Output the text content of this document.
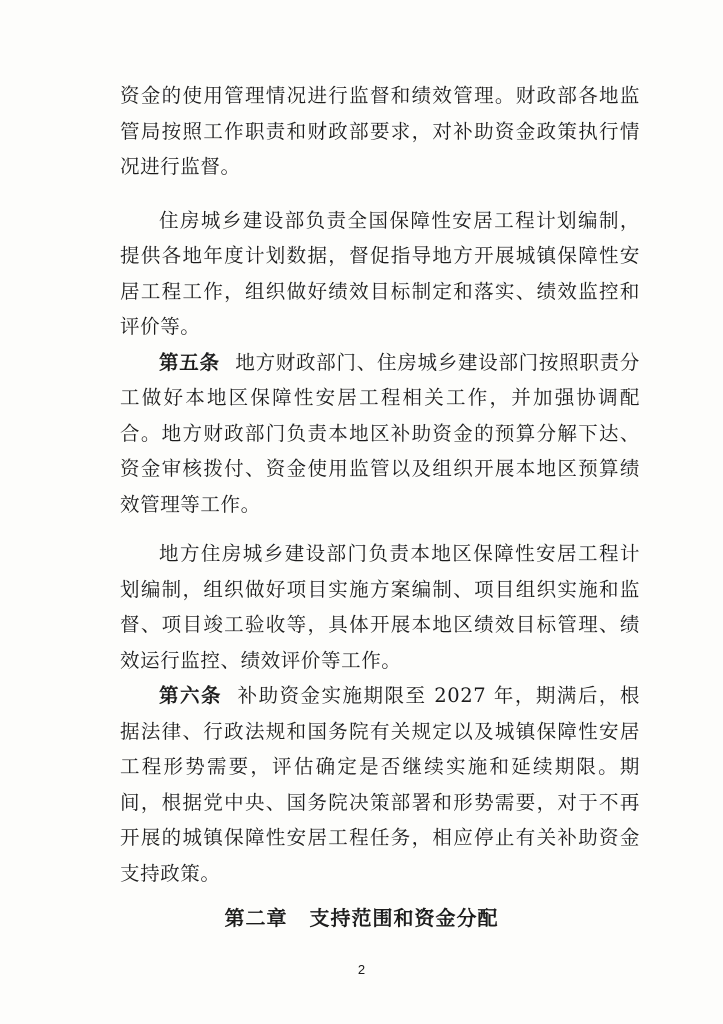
资金的使用管理情况进行监督和绩效管理。财政部各地监管局按照工作职责和财政部要求，对补助资金政策执行情况进行监督。

住房城乡建设部负责全国保障性安居工程计划编制，提供各地年度计划数据，督促指导地方开展城镇保障性安居工程工作，组织做好绩效目标制定和落实、绩效监控和评价等。

第五条 地方财政部门、住房城乡建设部门按照职责分工做好本地区保障性安居工程相关工作，并加强协调配合。地方财政部门负责本地区补助资金的预算分解下达、资金审核拨付、资金使用监管以及组织开展本地区预算绩效管理等工作。

地方住房城乡建设部门负责本地区保障性安居工程计划编制，组织做好项目实施方案编制、项目组织实施和监督、项目竣工验收等，具体开展本地区绩效目标管理、绩效运行监控、绩效评价等工作。

第六条 补助资金实施期限至 2027 年，期满后，根据法律、行政法规和国务院有关规定以及城镇保障性安居工程形势需要，评估确定是否继续实施和延续期限。期间，根据党中央、国务院决策部署和形势需要，对于不再开展的城镇保障性安居工程任务，相应停止有关补助资金支持政策。

第二章 支持范围和资金分配
2
